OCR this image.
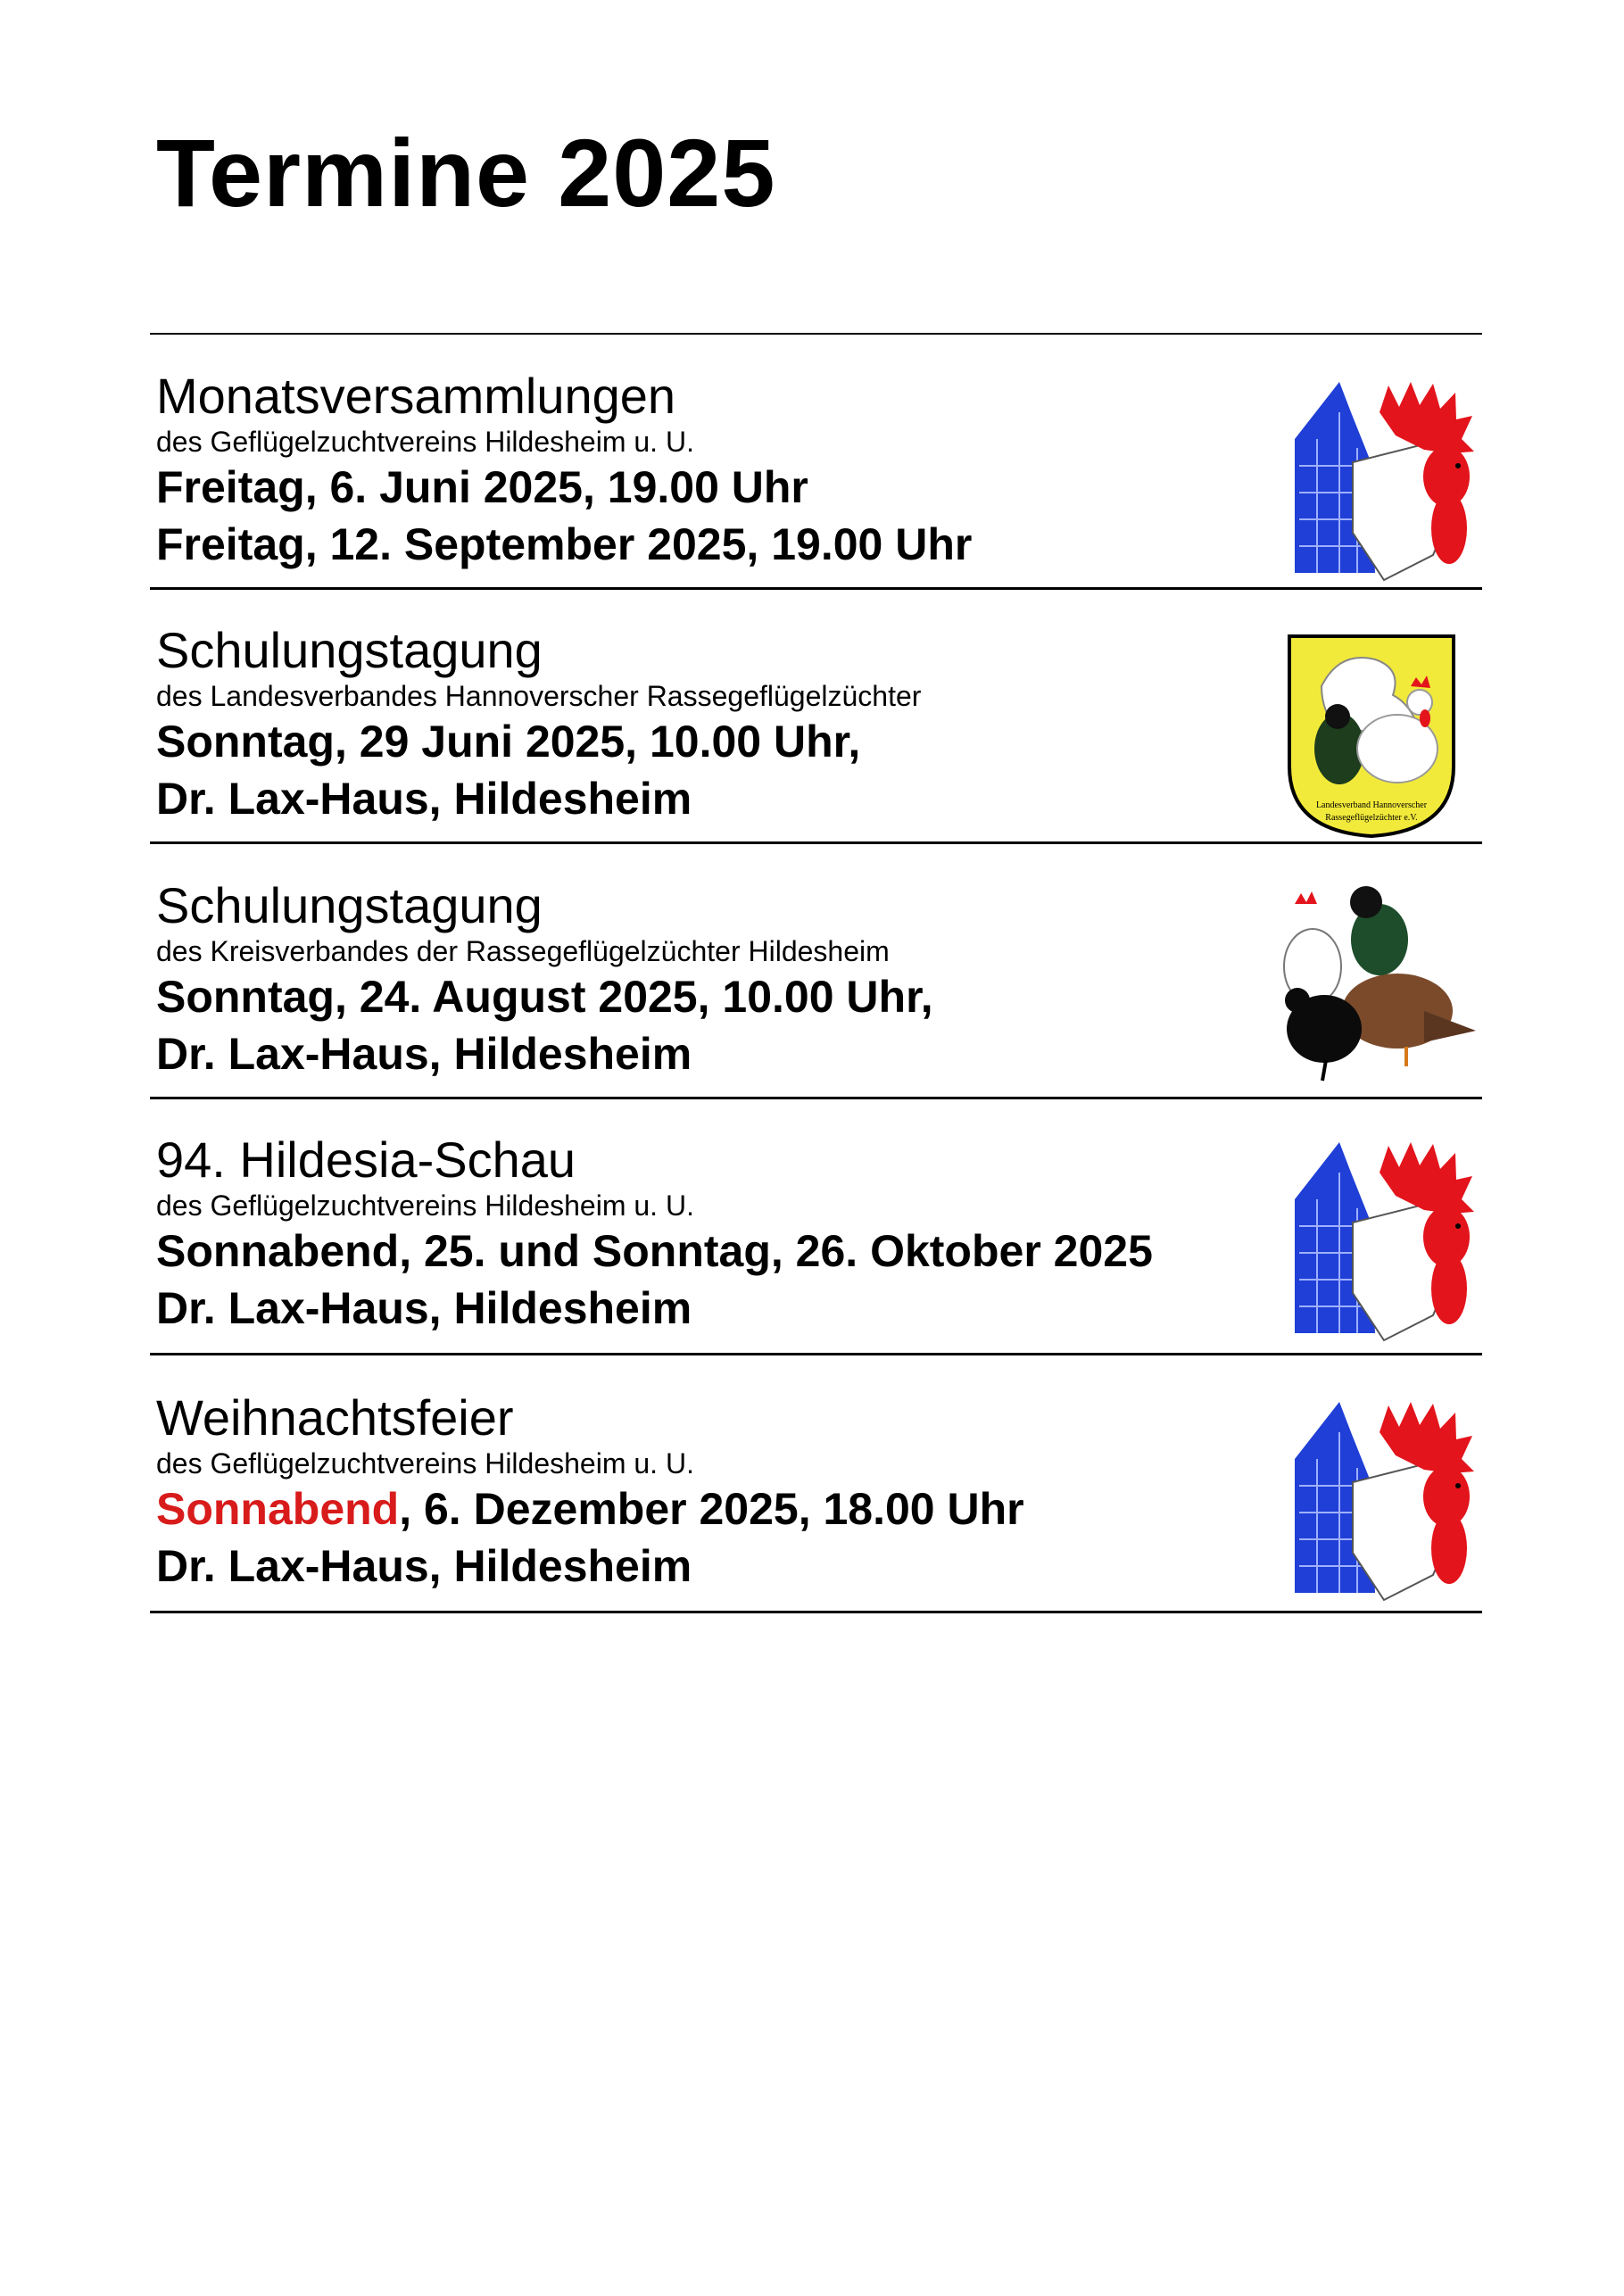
Termine 2025
Monatsversammlungen
des Geflügelzuchtvereins Hildesheim u. U.
Freitag, 6. Juni 2025, 19.00 Uhr
Freitag, 12. September 2025, 19.00 Uhr
Schulungstagung
des Landesverbandes Hannoverscher Rassegeflügelzüchter
Sonntag, 29 Juni 2025, 10.00 Uhr,
Dr. Lax-Haus, Hildesheim	Landesverband Hannoverscher
Rassegeflügelzüchter e.V.
Schulungstagung
des Kreisverbandes der Rassegeflügelzüchter Hildesheim
Sonntag, 24. August 2025, 10.00 Uhr,
Dr. Lax-Haus, Hildesheim
94. Hildesia-Schau
des Geflügelzuchtvereins Hildesheim u. U.
Sonnabend, 25. und Sonntag, 26. Oktober 2025
Dr. Lax-Haus, Hildesheim
Weihnachtsfeier
des Geflügelzuchtvereins Hildesheim u. U.
Sonnabend, 6. Dezember 2025, 18.00 Uhr
Dr. Lax-Haus, Hildesheim
